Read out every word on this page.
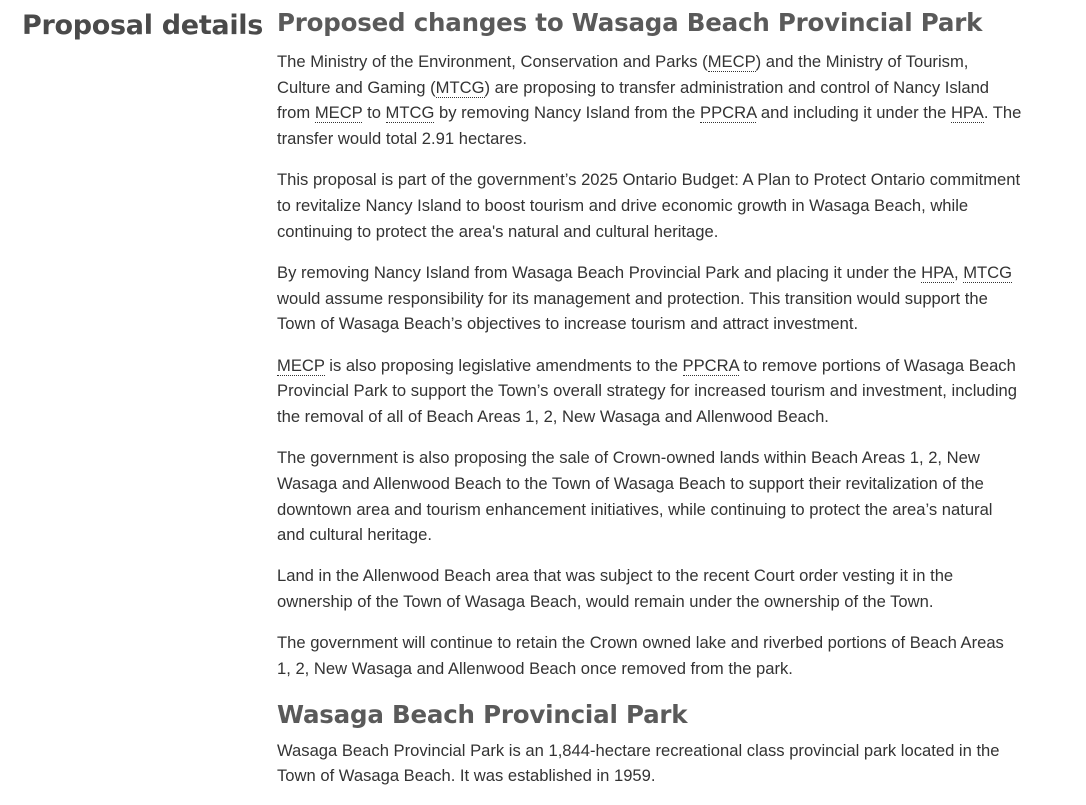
Proposal details Proposed changes to Wasaga Beach Provincial Park

The Ministry of the Environment, Conservation and Parks (MECP) and the Ministry of Tourism, Culture and Gaming (MTCG) are proposing to transfer administration and control of Nancy Island from MECP to MTCG by removing Nancy Island from the PPCRA and including it under the HPA. The transfer would total 2.91 hectares.

This proposal is part of the government’s 2025 Ontario Budget: A Plan to Protect Ontario commitment to revitalize Nancy Island to boost tourism and drive economic growth in Wasaga Beach, while continuing to protect the area's natural and cultural heritage.

By removing Nancy Island from Wasaga Beach Provincial Park and placing it under the HPA, MTCG would assume responsibility for its management and protection. This transition would support the Town of Wasaga Beach’s objectives to increase tourism and attract investment.

MECP is also proposing legislative amendments to the PPCRA to remove portions of Wasaga Beach Provincial Park to support the Town’s overall strategy for increased tourism and investment, including the removal of all of Beach Areas 1, 2, New Wasaga and Allenwood Beach.

The government is also proposing the sale of Crown-owned lands within Beach Areas 1, 2, New Wasaga and Allenwood Beach to the Town of Wasaga Beach to support their revitalization of the downtown area and tourism enhancement initiatives, while continuing to protect the area’s natural and cultural heritage.

Land in the Allenwood Beach area that was subject to the recent Court order vesting it in the ownership of the Town of Wasaga Beach, would remain under the ownership of the Town.

The government will continue to retain the Crown owned lake and riverbed portions of Beach Areas 1, 2, New Wasaga and Allenwood Beach once removed from the park.

Wasaga Beach Provincial Park

Wasaga Beach Provincial Park is an 1,844-hectare recreational class provincial park located in the Town of Wasaga Beach. It was established in 1959.
